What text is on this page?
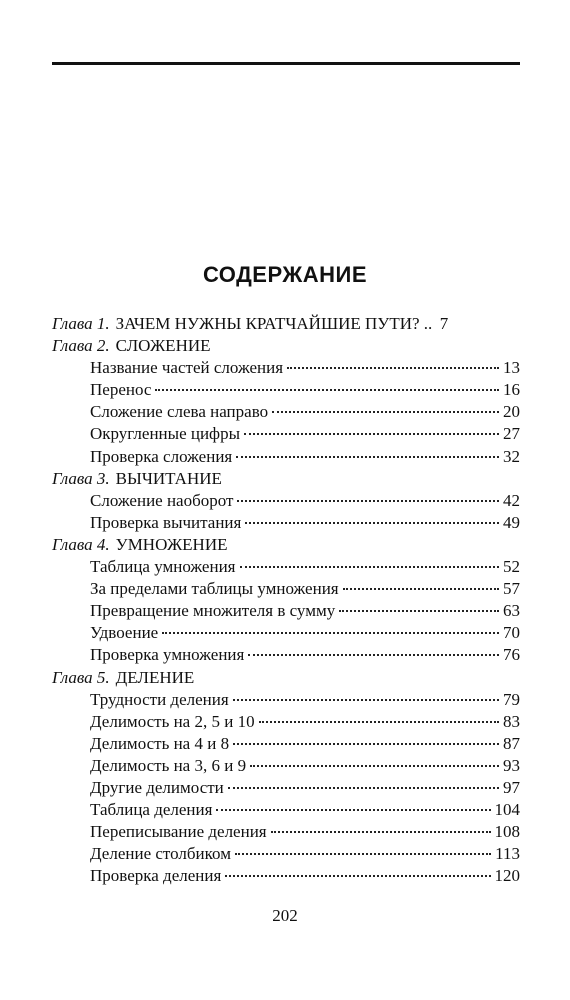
СОДЕРЖАНИЕ
Глава 1. ЗАЧЕМ НУЖНЫ КРАТЧАЙШИЕ ПУТИ? .. 7
Глава 2. СЛОЖЕНИЕ
Название частей сложения	13
Перенос	16
Сложение слева направо	20
Округленные цифры	27
Проверка сложения	32
Глава 3. ВЫЧИТАНИЕ
Сложение наоборот	42
Проверка вычитания	49
Глава 4. УМНОЖЕНИЕ
Таблица умножения	52
За пределами таблицы умножения	57
Превращение множителя в сумму	63
Удвоение	70
Проверка умножения	76
Глава 5. ДЕЛЕНИЕ
Трудности деления	79
Делимость на 2, 5 и 10	83
Делимость на 4 и 8	87
Делимость на 3, 6 и 9	93
Другие делимости	97
Таблица деления	104
Переписывание деления	108
Деление столбиком	113
Проверка деления	120
202
